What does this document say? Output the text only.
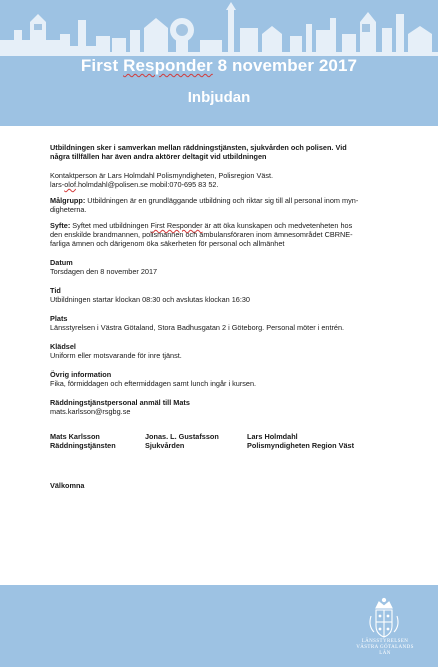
First Responder 8 november 2017
Inbjudan

Utbildningen sker i samverkan mellan räddningstjänsten, sjukvården och polisen. Vid

några tillfällen har även andra aktörer deltagit vid utbildningen

Kontaktperson är Lars Holmdahl Polismyndigheten, Polisregion Väst.

lars-olof.holmdahl@polisen.se mobil:070-695 83 52.

Målgrupp: Utbildningen är en grundläggande utbildning och riktar sig till all personal inom myn-

digheterna.

Syfte: Syftet med utbildningen First Responder är att öka kunskapen och medvetenheten hos

den enskilde brandmannen, polismannen och ambulansföraren inom ämnesområdet CBRNE-

farliga ämnen och därigenom öka säkerheten för personal och allmänhet

Datum

Torsdagen den 8 november 2017

Tid

Utbildningen startar klockan 08:30 och avslutas klockan 16:30

Plats

Länsstyrelsen i Västra Götaland, Stora Badhusgatan 2 i Göteborg. Personal möter i entrén.

Klädsel

Uniform eller motsvarande för inre tjänst.

Övrig information

Fika, förmiddagen och eftermiddagen samt lunch ingår i kursen.

Räddningstjänstpersonal anmäl till Mats

mats.karlsson@rsgbg.se

Mats Karlsson

Räddningstjänsten

Jonas. L. Gustafsson

Sjukvården

Lars Holmdahl

Polismyndigheten Region Väst

Välkomna

LÄNSSTYRELSEN
VÄSTRA GÖTALANDS LÄN
